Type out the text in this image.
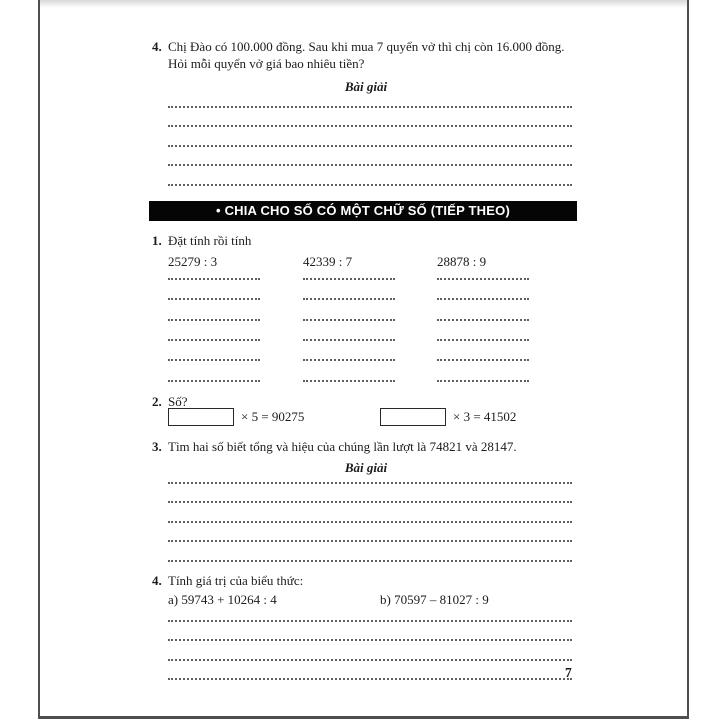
4. Chị Đào có 100.000 đồng. Sau khi mua 7 quyển vở thì chị còn 16.000 đồng.
Hỏi mỗi quyển vở giá bao nhiêu tiền?
Bài giải
• CHIA CHO SỐ CÓ MỘT CHỮ SỐ (TIẾP THEO)
1. Đặt tính rồi tính
25279 : 3	42339 : 7	28878 : 9
2. Số?
× 5 = 90275	× 3 = 41502
3. Tìm hai số biết tổng và hiệu của chúng lần lượt là 74821 và 28147.
Bài giải
4. Tính giá trị của biểu thức:
a) 59743 + 10264 : 4	b) 70597 – 81027 : 9
7
